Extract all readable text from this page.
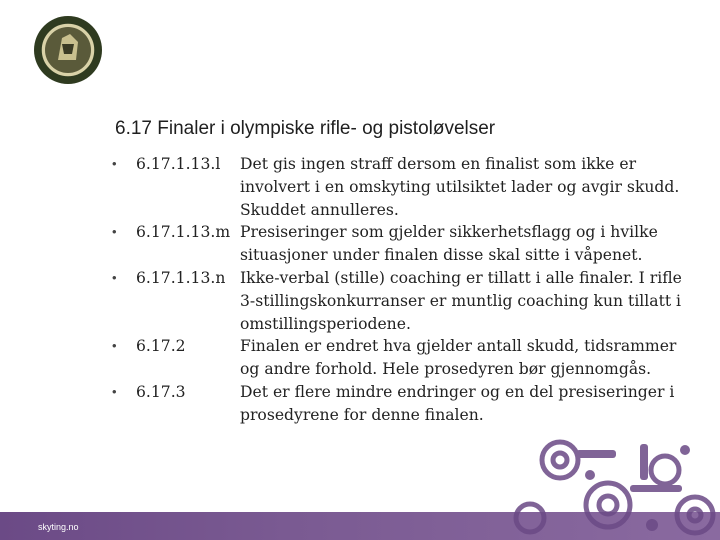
6.17 Finaler i olympiske rifle- og pistoløvelser
•	6.17.1.13.l	Det gis ingen straff dersom en finalist som ikke er involvert i en omskyting utilsiktet lader og avgir skudd. Skuddet annulleres.
•	6.17.1.13.m Presiseringer som gjelder sikkerhetsflagg og i hvilke situasjoner under finalen disse skal sitte i våpenet.
•	6.17.1.13.n Ikke-verbal (stille) coaching er tillatt i alle finaler. I rifle 3-stillingskonkurranser er muntlig coaching kun tillatt i omstillingsperiodene.
•	6.17.2	Finalen er endret hva gjelder antall skudd, tidsrammer og andre forhold. Hele prosedyren bør gjennomgås.
•	6.17.3	Det er flere mindre endringer og en del presiseringer i prosedyrene for denne finalen.
skyting.no
